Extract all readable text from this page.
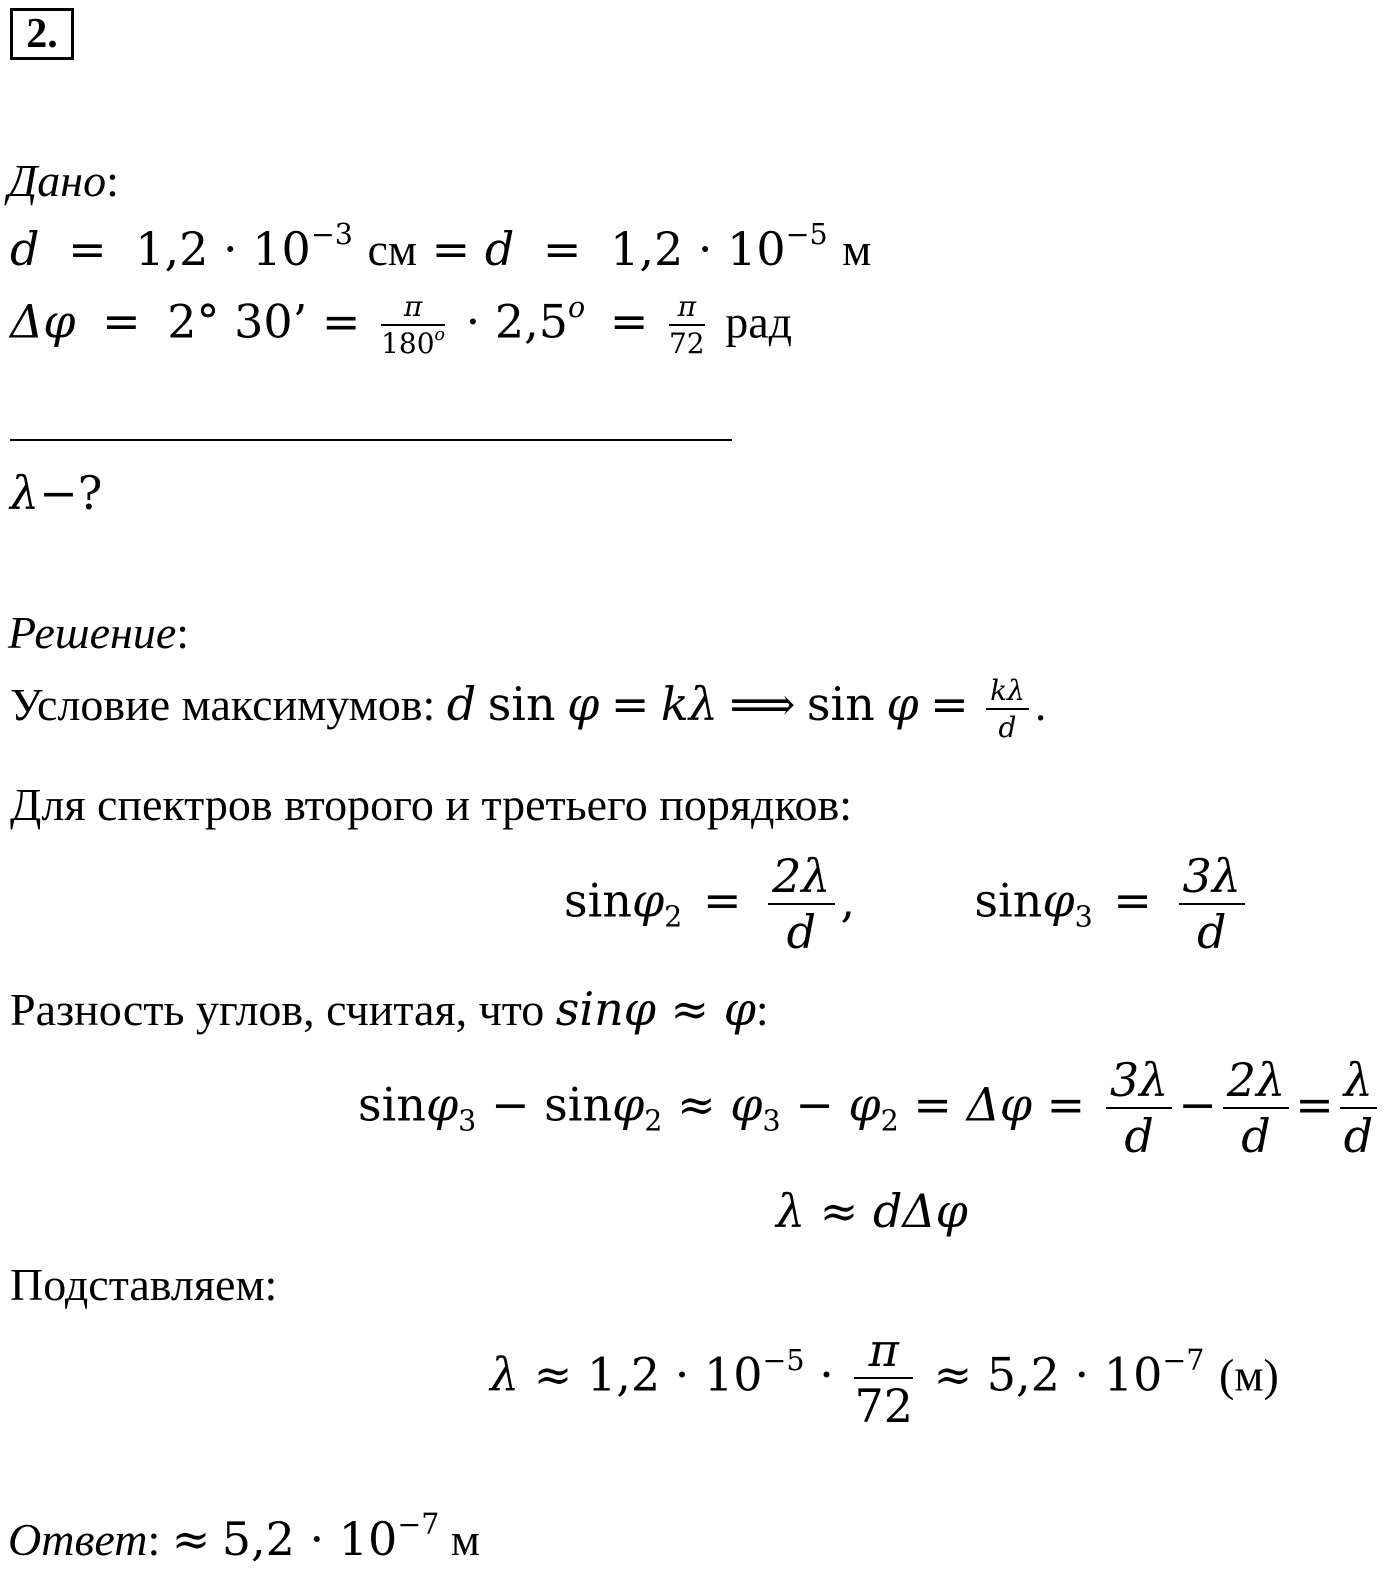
2.
Дано:
$d = 1,2 \cdot 10^{-3}$ см = $d = 1,2 \cdot 10^{-5}$ м
Δφ = 2° 30’ = $\frac{\pi}{180^o} \cdot 2,5^o = \frac{\pi}{72}$ рад
λ−?
Решение:
Условие максимумов: d sin φ = kλ ⟹ $\sin \varphi = \frac{k\lambda}{d}$ .
Для спектров второго и третьего порядков:
$\sin\varphi_2 = \frac{2\lambda}{d}$ ,	$\sin\varphi_3 = \frac{3\lambda}{d}$
Разность углов, считая, что sinφ ≈ φ:
$\sin\varphi_3 - \sin\varphi_2 \approx \varphi_3 - \varphi_2 = \Delta\varphi = \frac{3\lambda}{d} - \frac{2\lambda}{d} = \frac{\lambda}{d}$
λ ≈ dΔφ
Подставляем:
$\lambda \approx 1,2 \cdot 10^{-5} \cdot \frac{\pi}{72} \approx 5,2 \cdot 10^{-7}$ (м)
Ответ: ≈ $5,2 \cdot 10^{-7}$ м
